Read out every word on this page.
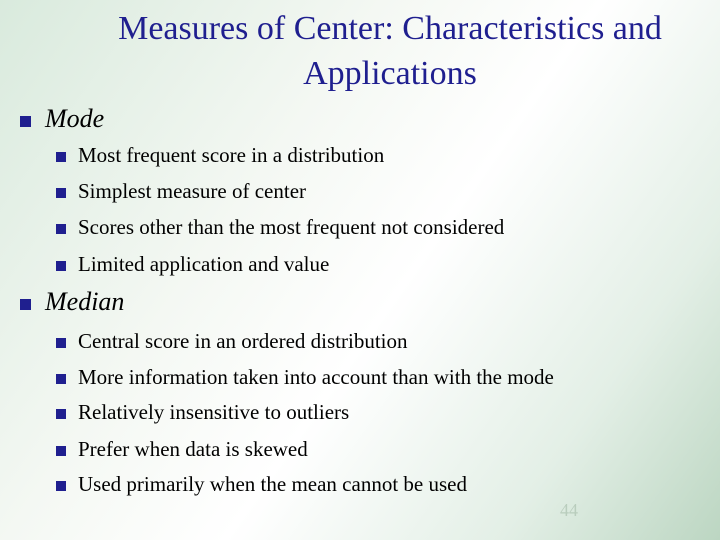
Measures of Center: Characteristics and
Applications
Mode
Most frequent score in a distribution
Simplest measure of center
Scores other than the most frequent not considered
Limited application and value
Median
Central score in an ordered distribution
More information taken into account than with the mode
Relatively insensitive to outliers
Prefer when data is skewed
Used primarily when the mean cannot be used
44
